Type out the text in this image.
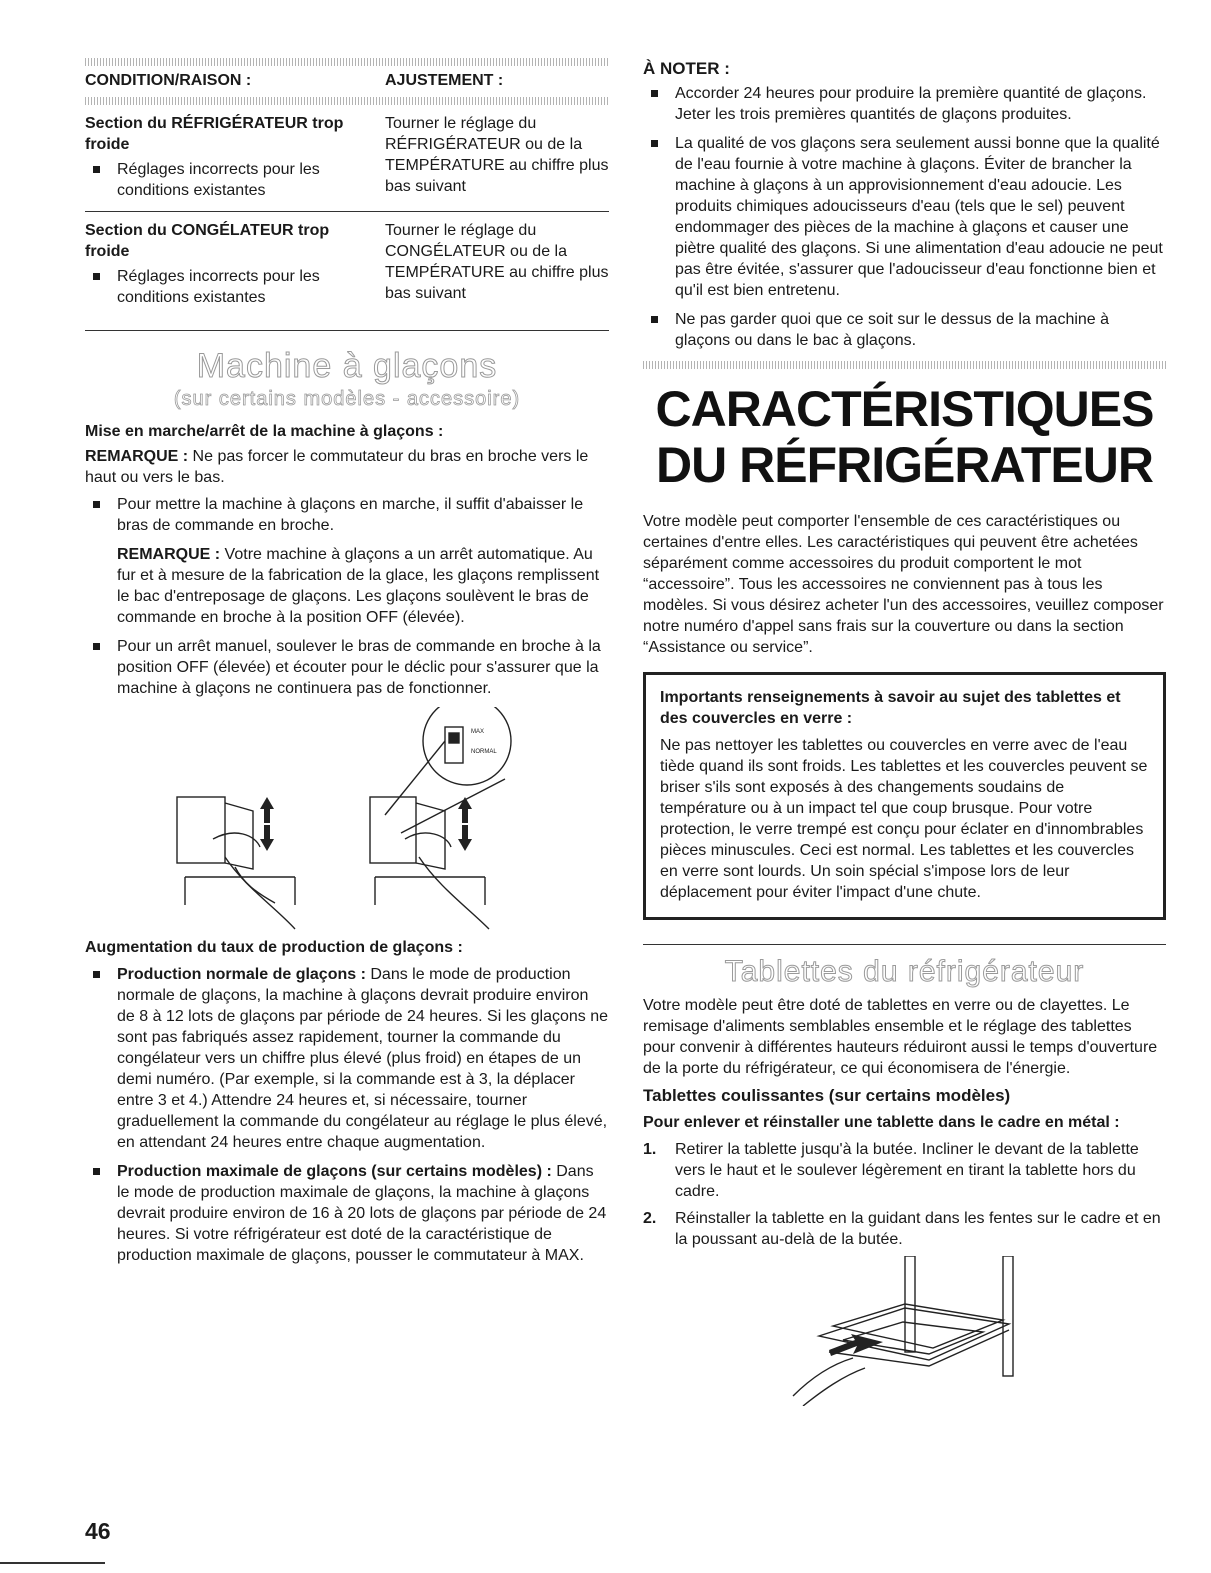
CONDITION/RAISON :	AJUSTEMENT :
Section du RÉFRIGÉRATEUR trop froide
Réglages incorrects pour les conditions existantes
Tourner le réglage du RÉFRIGÉRATEUR ou de la TEMPÉRATURE au chiffre plus bas suivant
Section du CONGÉLATEUR trop froide
Réglages incorrects pour les conditions existantes
Tourner le réglage du CONGÉLATEUR ou de la TEMPÉRATURE au chiffre plus bas suivant
Machine à glaçons
(sur certains modèles - accessoire)
Mise en marche/arrêt de la machine à glaçons :
REMARQUE : Ne pas forcer le commutateur du bras en broche vers le haut ou vers le bas.
Pour mettre la machine à glaçons en marche, il suffit d'abaisser le bras de commande en broche.
REMARQUE : Votre machine à glaçons a un arrêt automatique. Au fur et à mesure de la fabrication de la glace, les glaçons remplissent le bac d'entreposage de glaçons. Les glaçons soulèvent le bras de commande en broche à la position OFF (élevée).
Pour un arrêt manuel, soulever le bras de commande en broche à la position OFF (élevée) et écouter pour le déclic pour s'assurer que la machine à glaçons ne continuera pas de fonctionner.
MAX
NORMAL
Augmentation du taux de production de glaçons :
Production normale de glaçons : Dans le mode de production normale de glaçons, la machine à glaçons devrait produire environ de 8 à 12 lots de glaçons par période de 24 heures. Si les glaçons ne sont pas fabriqués assez rapidement, tourner la commande du congélateur vers un chiffre plus élevé (plus froid) en étapes de un demi numéro. (Par exemple, si la commande est à 3, la déplacer entre 3 et 4.) Attendre 24 heures et, si nécessaire, tourner graduellement la commande du congélateur au réglage le plus élevé, en attendant 24 heures entre chaque augmentation.
Production maximale de glaçons (sur certains modèles) : Dans le mode de production maximale de glaçons, la machine à glaçons devrait produire environ de 16 à 20 lots de glaçons par période de 24 heures. Si votre réfrigérateur est doté de la caractéristique de production maximale de glaçons, pousser le commutateur à MAX.
À NOTER :
Accorder 24 heures pour produire la première quantité de glaçons. Jeter les trois premières quantités de glaçons produites.
La qualité de vos glaçons sera seulement aussi bonne que la qualité de l'eau fournie à votre machine à glaçons. Éviter de brancher la machine à glaçons à un approvisionnement d'eau adoucie. Les produits chimiques adoucisseurs d'eau (tels que le sel) peuvent endommager des pièces de la machine à glaçons et causer une piètre qualité des glaçons. Si une alimentation d'eau adoucie ne peut pas être évitée, s'assurer que l'adoucisseur d'eau fonctionne bien et qu'il est bien entretenu.
Ne pas garder quoi que ce soit sur le dessus de la machine à glaçons ou dans le bac à glaçons.
CARACTÉRISTIQUES
DU RÉFRIGÉRATEUR
Votre modèle peut comporter l'ensemble de ces caractéristiques ou certaines d'entre elles. Les caractéristiques qui peuvent être achetées séparément comme accessoires du produit comportent le mot “accessoire”. Tous les accessoires ne conviennent pas à tous les modèles. Si vous désirez acheter l'un des accessoires, veuillez composer notre numéro d'appel sans frais sur la couverture ou dans la section “Assistance ou service”.
Importants renseignements à savoir au sujet des tablettes et des couvercles en verre :
Ne pas nettoyer les tablettes ou couvercles en verre avec de l'eau tiède quand ils sont froids. Les tablettes et les couvercles peuvent se briser s'ils sont exposés à des changements soudains de température ou à un impact tel que coup brusque. Pour votre protection, le verre trempé est conçu pour éclater en d'innombrables pièces minuscules. Ceci est normal. Les tablettes et les couvercles en verre sont lourds. Un soin spécial s'impose lors de leur déplacement pour éviter l'impact d'une chute.
Tablettes du réfrigérateur
Votre modèle peut être doté de tablettes en verre ou de clayettes. Le remisage d'aliments semblables ensemble et le réglage des tablettes pour convenir à différentes hauteurs réduiront aussi le temps d'ouverture de la porte du réfrigérateur, ce qui économisera de l'énergie.
Tablettes coulissantes (sur certains modèles)
Pour enlever et réinstaller une tablette dans le cadre en métal :
1. Retirer la tablette jusqu'à la butée. Incliner le devant de la tablette vers le haut et le soulever légèrement en tirant la tablette hors du cadre.
2. Réinstaller la tablette en la guidant dans les fentes sur le cadre et en la poussant au-delà de la butée.
46
